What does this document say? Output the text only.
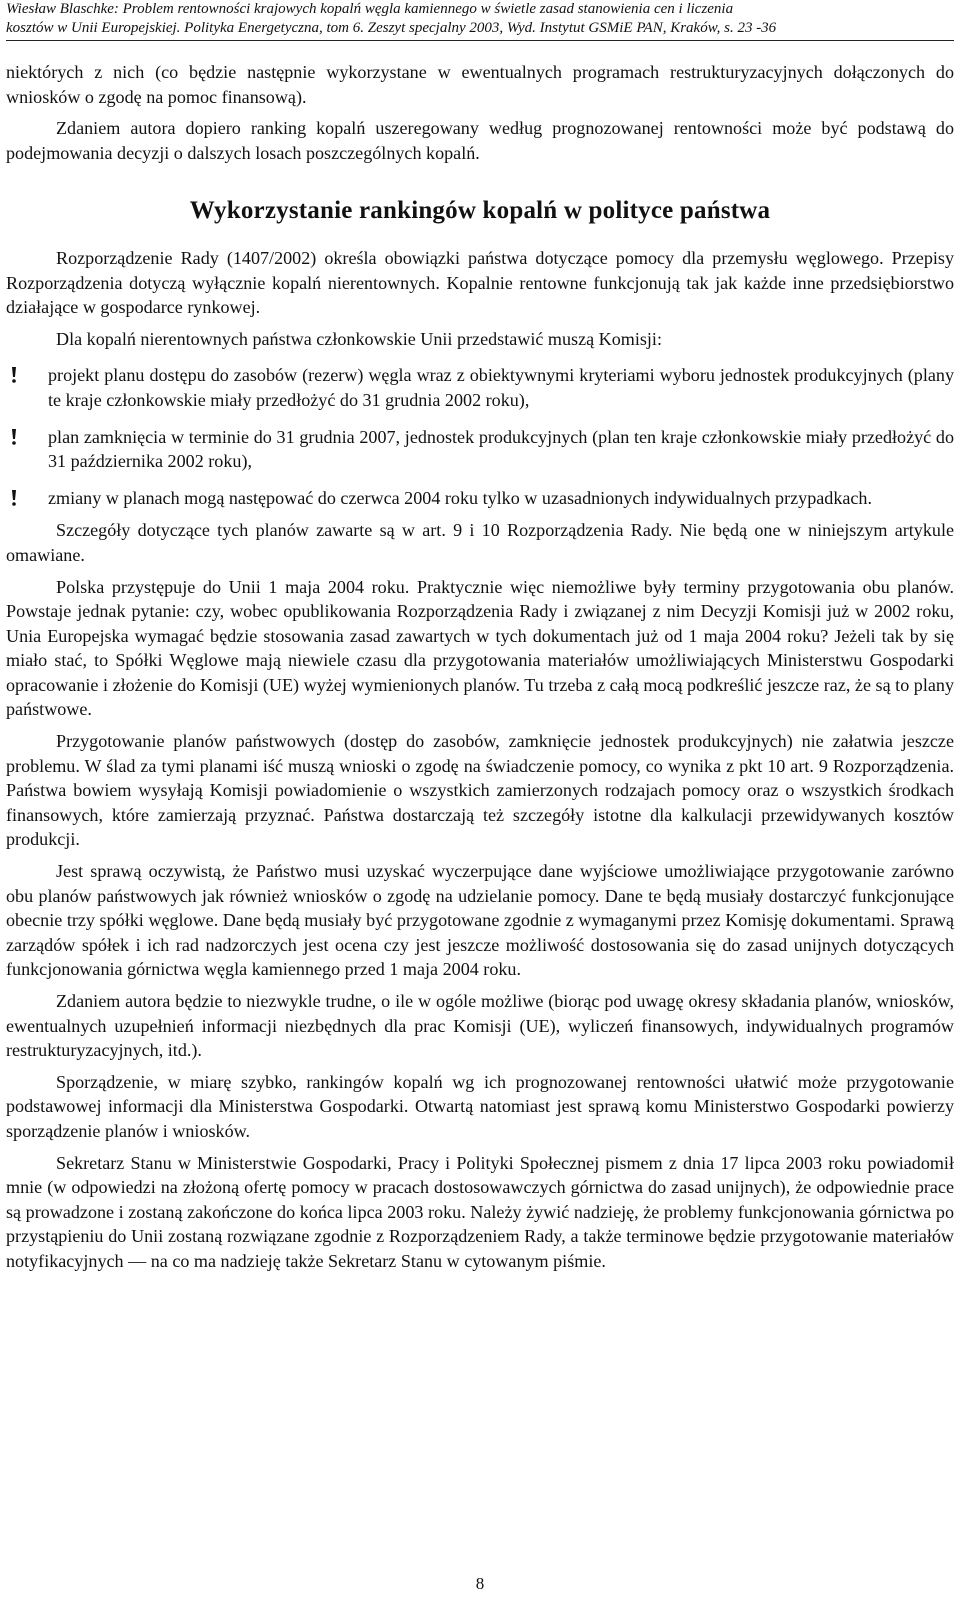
Wiesław Blaschke: Problem rentowności krajowych kopalń węgla kamiennego w świetle zasad stanowienia cen i liczenia
kosztów w Unii Europejskiej. Polityka Energetyczna, tom 6. Zeszyt specjalny 2003, Wyd. Instytut GSMiE PAN, Kraków, s. 23 -36

niektórych z nich (co będzie następnie wykorzystane w ewentualnych programach restrukturyzacyjnych dołączonych do wniosków o zgodę na pomoc finansową).

Zdaniem autora dopiero ranking kopalń uszeregowany według prognozowanej rentowności może być podstawą do podejmowania decyzji o dalszych losach poszczególnych kopalń.

Wykorzystanie rankingów kopalń w polityce państwa

Rozporządzenie Rady (1407/2002) określa obowiązki państwa dotyczące pomocy dla przemysłu węglowego. Przepisy Rozporządzenia dotyczą wyłącznie kopalń nierentownych. Kopalnie rentowne funkcjonują tak jak każde inne przedsiębiorstwo działające w gospodarce rynkowej.

Dla kopalń nierentownych państwa członkowskie Unii przedstawić muszą Komisji:

projekt planu dostępu do zasobów (rezerw) węgla wraz z obiektywnymi kryteriami wyboru jednostek produkcyjnych (plany te kraje członkowskie miały przedłożyć do 31 grudnia 2002 roku),
plan zamknięcia w terminie do 31 grudnia 2007, jednostek produkcyjnych (plan ten kraje członkowskie miały przedłożyć do 31 października 2002 roku),
zmiany w planach mogą następować do czerwca 2004 roku tylko w uzasadnionych indywidualnych przypadkach.

Szczegóły dotyczące tych planów zawarte są w art. 9 i 10 Rozporządzenia Rady. Nie będą one w niniejszym artykule omawiane.

Polska przystępuje do Unii 1 maja 2004 roku. Praktycznie więc niemożliwe były terminy przygotowania obu planów. Powstaje jednak pytanie: czy, wobec opublikowania Rozporządzenia Rady i związanej z nim Decyzji Komisji już w 2002 roku, Unia Europejska wymagać będzie stosowania zasad zawartych w tych dokumentach już od 1 maja 2004 roku? Jeżeli tak by się miało stać, to Spółki Węglowe mają niewiele czasu dla przygotowania materiałów umożliwiających Ministerstwu Gospodarki opracowanie i złożenie do Komisji (UE) wyżej wymienionych planów. Tu trzeba z całą mocą podkreślić jeszcze raz, że są to plany państwowe.

Przygotowanie planów państwowych (dostęp do zasobów, zamknięcie jednostek produkcyjnych) nie załatwia jeszcze problemu. W ślad za tymi planami iść muszą wnioski o zgodę na świadczenie pomocy, co wynika z pkt 10 art. 9 Rozporządzenia. Państwa bowiem wysyłają Komisji powiadomienie o wszystkich zamierzonych rodzajach pomocy oraz o wszystkich środkach finansowych, które zamierzają przyznać. Państwa dostarczają też szczegóły istotne dla kalkulacji przewidywanych kosztów produkcji.

Jest sprawą oczywistą, że Państwo musi uzyskać wyczerpujące dane wyjściowe umożliwiające przygotowanie zarówno obu planów państwowych jak również wniosków o zgodę na udzielanie pomocy. Dane te będą musiały dostarczyć funkcjonujące obecnie trzy spółki węglowe. Dane będą musiały być przygotowane zgodnie z wymaganymi przez Komisję dokumentami. Sprawą zarządów spółek i ich rad nadzorczych jest ocena czy jest jeszcze możliwość dostosowania się do zasad unijnych dotyczących funkcjonowania górnictwa węgla kamiennego przed 1 maja 2004 roku.

Zdaniem autora będzie to niezwykle trudne, o ile w ogóle możliwe (biorąc pod uwagę okresy składania planów, wniosków, ewentualnych uzupełnień informacji niezbędnych dla prac Komisji (UE), wyliczeń finansowych, indywidualnych programów restrukturyzacyjnych, itd.).

Sporządzenie, w miarę szybko, rankingów kopalń wg ich prognozowanej rentowności ułatwić może przygotowanie podstawowej informacji dla Ministerstwa Gospodarki. Otwartą natomiast jest sprawą komu Ministerstwo Gospodarki powierzy sporządzenie planów i wniosków.

Sekretarz Stanu w Ministerstwie Gospodarki, Pracy i Polityki Społecznej pismem z dnia 17 lipca 2003 roku powiadomił mnie (w odpowiedzi na złożoną ofertę pomocy w pracach dostosowawczych górnictwa do zasad unijnych), że odpowiednie prace są prowadzone i zostaną zakończone do końca lipca 2003 roku. Należy żywić nadzieję, że problemy funkcjonowania górnictwa po przystąpieniu do Unii zostaną rozwiązane zgodnie z Rozporządzeniem Rady, a także terminowe będzie przygotowanie materiałów notyfikacyjnych — na co ma nadzieję także Sekretarz Stanu w cytowanym piśmie.

8
